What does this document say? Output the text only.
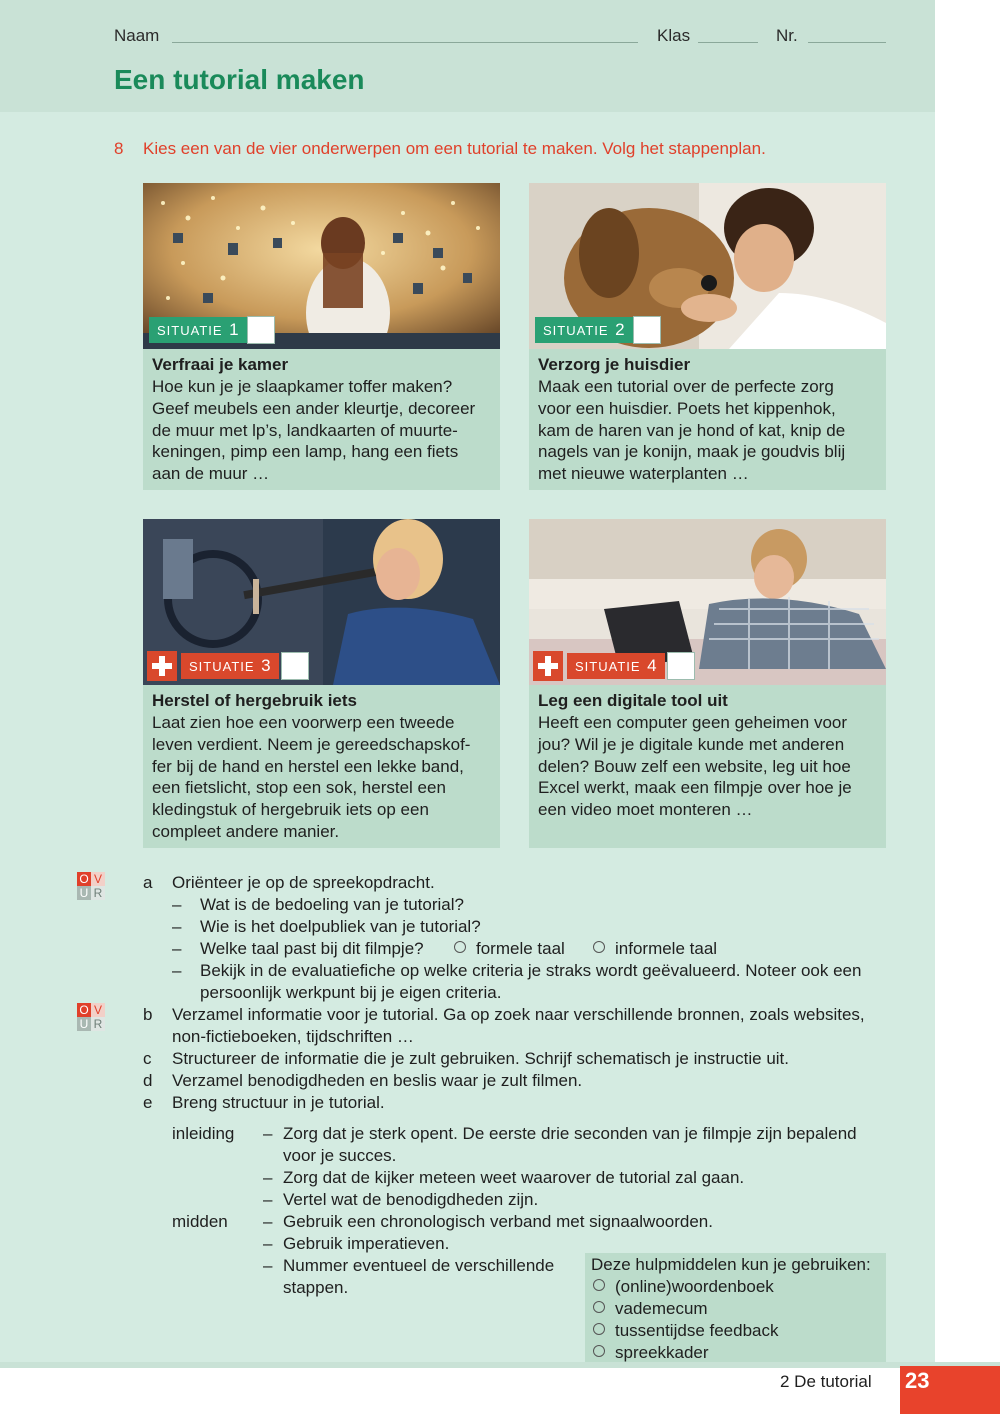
Naam	Klas	Nr.
Een tutorial maken
8 Kies een van de vier onderwerpen om een tutorial te maken. Volg het stappenplan.
SITUATIE 1
Verfraai je kamer
Hoe kun je je slaapkamer toffer maken?
Geef meubels een ander kleurtje, decoreer
de muur met lp’s, landkaarten of muurte-
keningen, pimp een lamp, hang een fiets
aan de muur …
SITUATIE 2
Verzorg je huisdier
Maak een tutorial over de perfecte zorg
voor een huisdier. Poets het kippenhok,
kam de haren van je hond of kat, knip de
nagels van je konijn, maak je goudvis blij
met nieuwe waterplanten …
SITUATIE 3
Herstel of hergebruik iets
Laat zien hoe een voorwerp een tweede
leven verdient. Neem je gereedschapskof-
fer bij de hand en herstel een lekke band,
een fietslicht, stop een sok, herstel een
kledingstuk of hergebruik iets op een
compleet andere manier.
SITUATIE 4
Leg een digitale tool uit
Heeft een computer geen geheimen voor
jou? Wil je je digitale kunde met anderen
delen? Bouw zelf een website, leg uit hoe
Excel werkt, maak een filmpje over hoe je
een video moet monteren …
O V
U R
O V
U R
a Oriënteer je op de spreekopdracht.
– Wat is de bedoeling van je tutorial?
– Wie is het doelpubliek van je tutorial?
– Welke taal past bij dit filmpje?	formele taal	informele taal
– Bekijk in de evaluatiefiche op welke criteria je straks wordt geëvalueerd. Noteer ook een
persoonlijk werkpunt bij je eigen criteria.
b Verzamel informatie voor je tutorial. Ga op zoek naar verschillende bronnen, zoals websites,
non-fictieboeken, tijdschriften …
c Structureer de informatie die je zult gebruiken. Schrijf schematisch je instructie uit.
d Verzamel benodigdheden en beslis waar je zult filmen.
e Breng structuur in je tutorial.
inleiding – Zorg dat je sterk opent. De eerste drie seconden van je filmpje zijn bepalend
voor je succes.
– Zorg dat de kijker meteen weet waarover de tutorial zal gaan.
– Vertel wat de benodigdheden zijn.
midden – Gebruik een chronologisch verband met signaalwoorden.
– Gebruik imperatieven.
– Nummer eventueel de verschillende
stappen.
Deze hulpmiddelen kun je gebruiken:
(online)woordenboek
vademecum
tussentijdse feedback
spreekkader
2 De tutorial 23
